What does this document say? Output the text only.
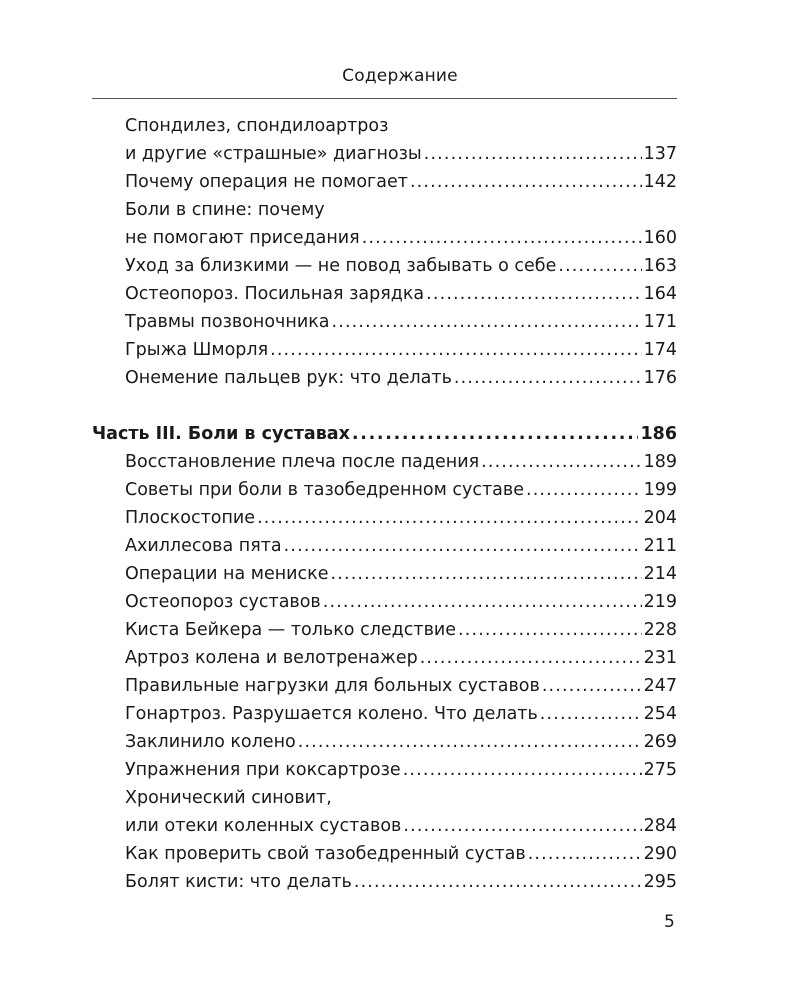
Содержание
Спондилез, спондилоартроз
и другие «страшные» диагнозы . . .	137
Почему операция не помогает . . .	142
Боли в спине: почему
не помогают приседания . . .	160
Уход за близкими — не повод забывать о себе . . .	163
Остеопороз. Посильная зарядка . . .	164
Травмы позвоночника . . .	171
Грыжа Шморля . . .	174
Онемение пальцев рук: что делать . . .	176
Часть III. Боли в суставах . . .	186
Восстановление плеча после падения . . .	189
Советы при боли в тазобедренном суставе . . .	199
Плоскостопие . . .	204
Ахиллесова пята . . .	211
Операции на мениске . . .	214
Остеопороз суставов . . .	219
Киста Бейкера — только следствие . . .	228
Артроз колена и велотренажер . . .	231
Правильные нагрузки для больных суставов . . .	247
Гонартроз. Разрушается колено. Что делать . . .	254
Заклинило колено . . .	269
Упражнения при коксартрозе . . .	275
Хронический синовит,
или отеки коленных суставов . . .	284
Как проверить свой тазобедренный сустав . . .	290
Болят кисти: что делать . . .	295
5
